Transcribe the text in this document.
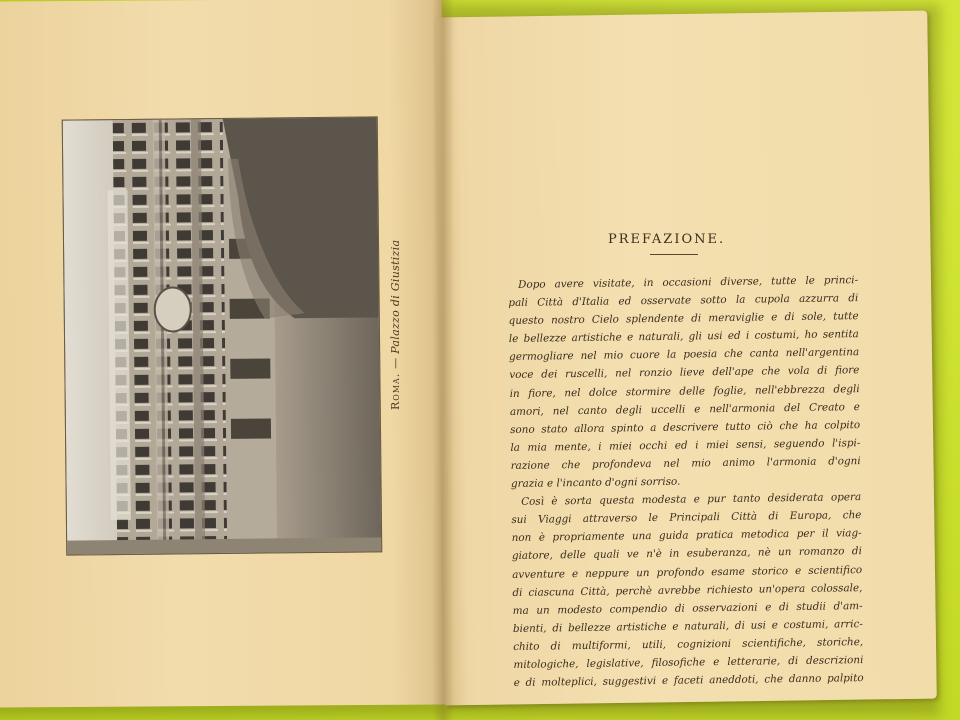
Roma. — Palazzo di Giustizia
PREFAZIONE.
Dopo avere visitate, in occasioni diverse, tutte le princi-
pali Città d'Italia ed osservate sotto la cupola azzurra di
questo nostro Cielo splendente di meraviglie e di sole, tutte
le bellezze artistiche e naturali, gli usi ed i costumi, ho sentita
germogliare nel mio cuore la poesia che canta nell'argentina
voce dei ruscelli, nel ronzio lieve dell'ape che vola di fiore
in fiore, nel dolce stormire delle foglie, nell'ebbrezza degli
amori, nel canto degli uccelli e nell'armonia del Creato e
sono stato allora spinto a descrivere tutto ciò che ha colpito
la mia mente, i miei occhi ed i miei sensi, seguendo l'ispi-
razione che profondeva nel mio animo l'armonia d'ogni
grazia e l'incanto d'ogni sorriso.
Così è sorta questa modesta e pur tanto desiderata opera
sui Viaggi attraverso le Principali Città di Europa, che
non è propriamente una guida pratica metodica per il viag-
giatore, delle quali ve n'è in esuberanza, nè un romanzo di
avventure e neppure un profondo esame storico e scientifico
di ciascuna Città, perchè avrebbe richiesto un'opera colossale,
ma un modesto compendio di osservazioni e di studii d'am-
bienti, di bellezze artistiche e naturali, di usi e costumi, arric-
chito di multiformi, utili, cognizioni scientifiche, storiche,
mitologiche, legislative, filosofiche e letterarie, di descrizioni
e di molteplici, suggestivi e faceti aneddoti, che danno palpito
